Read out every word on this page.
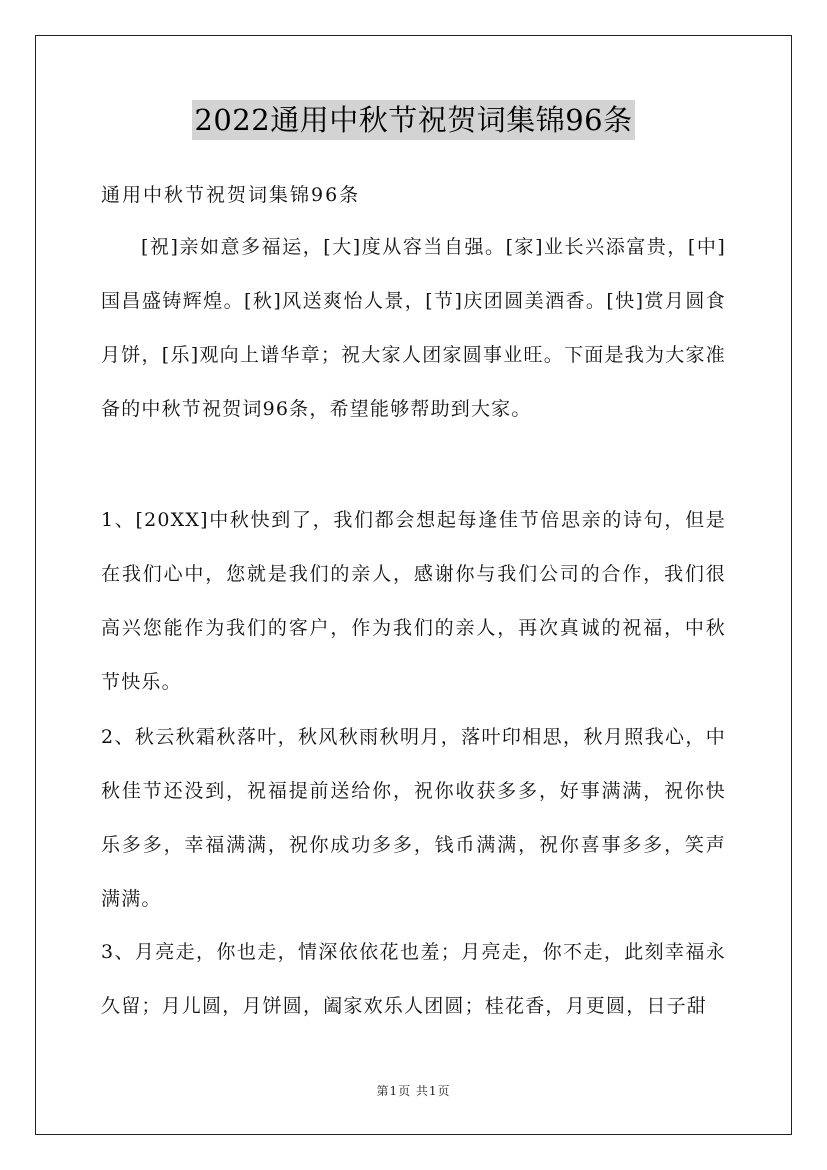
2022通用中秋节祝贺词集锦96条
通用中秋节祝贺词集锦96条
[祝]亲如意多福运，[大]度从容当自强。[家]业长兴添富贵，[中]国昌盛铸辉煌。[秋]风送爽怡人景，[节]庆团圆美酒香。[快]赏月圆食月饼，[乐]观向上谱华章；祝大家人团家圆事业旺。下面是我为大家准备的中秋节祝贺词96条，希望能够帮助到大家。
1、[20XX]中秋快到了，我们都会想起每逢佳节倍思亲的诗句，但是在我们心中，您就是我们的亲人，感谢你与我们公司的合作，我们很高兴您能作为我们的客户，作为我们的亲人，再次真诚的祝福，中秋节快乐。
2、秋云秋霜秋落叶，秋风秋雨秋明月，落叶印相思，秋月照我心，中秋佳节还没到，祝福提前送给你，祝你收获多多，好事满满，祝你快乐多多，幸福满满，祝你成功多多，钱币满满，祝你喜事多多，笑声满满。
3、月亮走，你也走，情深依依花也羞；月亮走，你不走，此刻幸福永久留；月儿圆，月饼圆，阖家欢乐人团圆；桂花香，月更圆，日子甜
第1页 共1页
